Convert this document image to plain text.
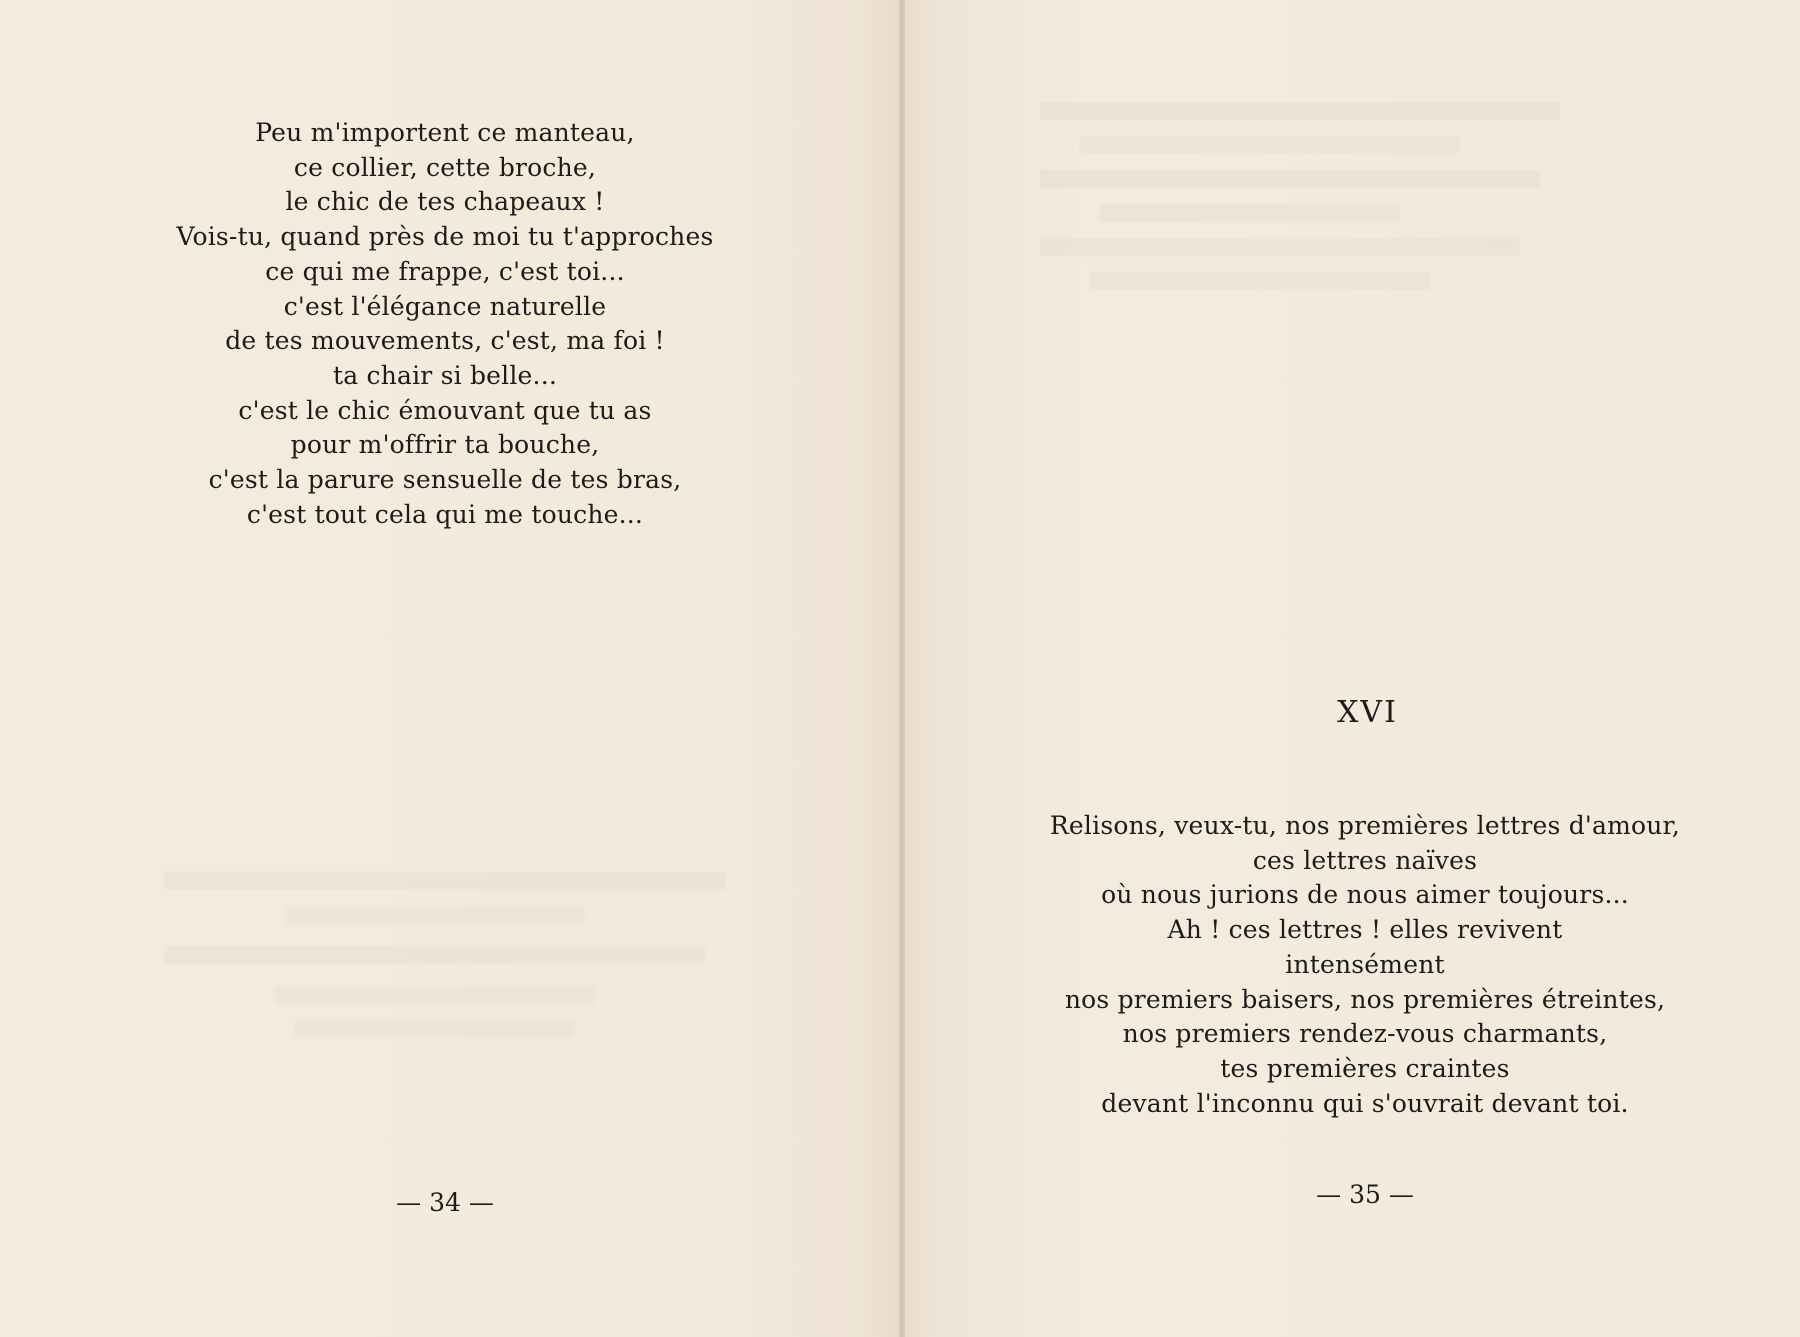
Peu m'importent ce manteau,
ce collier, cette broche,
le chic de tes chapeaux !
Vois-tu, quand près de moi tu t'approches
ce qui me frappe, c'est toi...
c'est l'élégance naturelle
de tes mouvements, c'est, ma foi !
ta chair si belle...
c'est le chic émouvant que tu as
pour m'offrir ta bouche,
c'est la parure sensuelle de tes bras,
c'est tout cela qui me touche...
— 34 —
XVI
Relisons, veux-tu, nos premières lettres d'amour,
ces lettres naïves
où nous jurions de nous aimer toujours...
Ah ! ces lettres ! elles revivent
intensément
nos premiers baisers, nos premières étreintes,
nos premiers rendez-vous charmants,
tes premières craintes
devant l'inconnu qui s'ouvrait devant toi.
— 35 —
